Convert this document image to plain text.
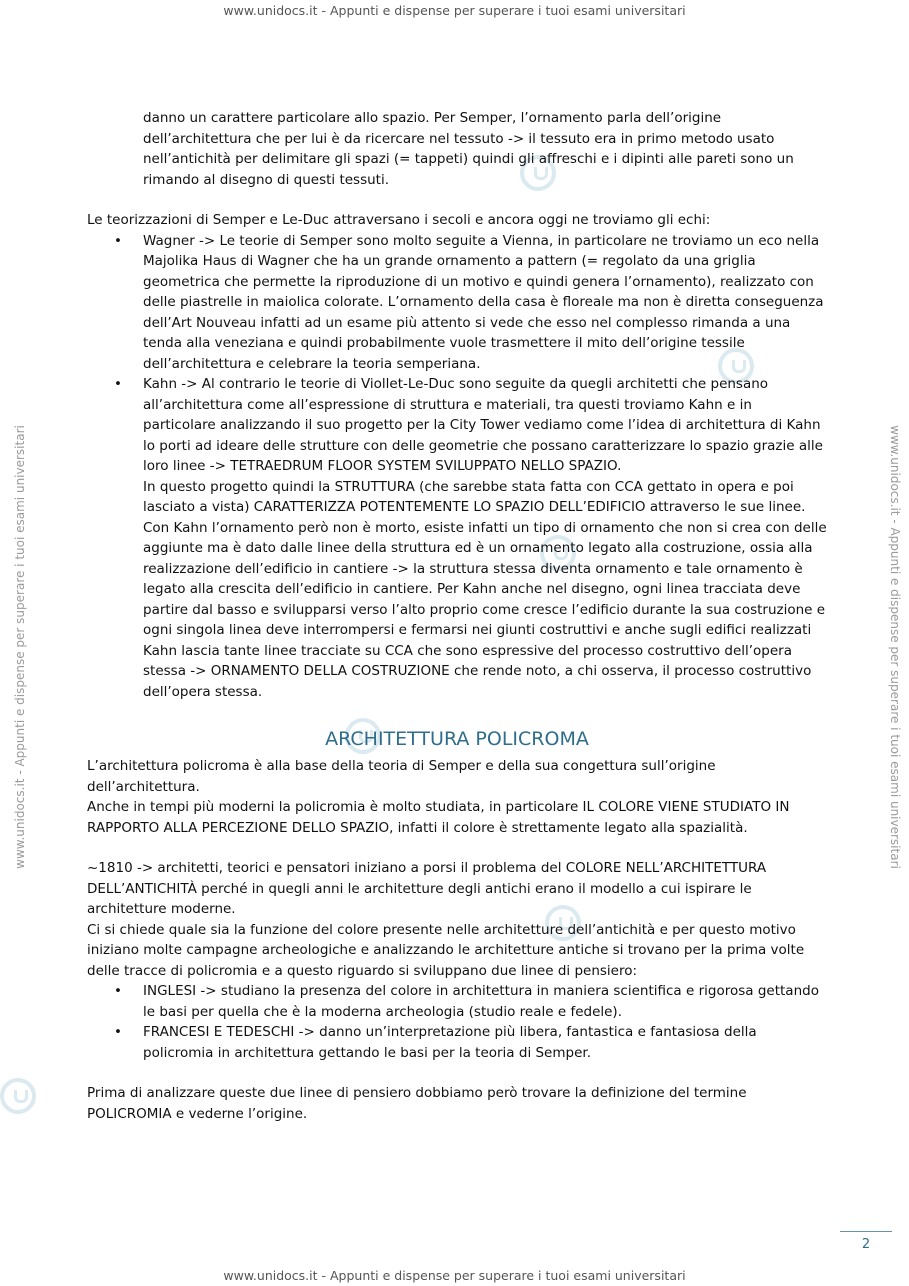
www.unidocs.it - Appunti e dispense per superare i tuoi esami universitari
www.unidocs.it - Appunti e dispense per superare i tuoi esami universitari	www.unidocs.it - Appunti e dispense per superare i tuoi esami universitari

danno un carattere particolare allo spazio. Per Semper, l’ornamento parla dell’origine dell’architettura che per lui è da ricercare nel tessuto -> il tessuto era in primo metodo usato nell’antichità per delimitare gli spazi (= tappeti) quindi gli affreschi e i dipinti alle pareti sono un rimando al disegno di questi tessuti.

Le teorizzazioni di Semper e Le-Duc attraversano i secoli e ancora oggi ne troviamo gli echi:

• Wagner -> Le teorie di Semper sono molto seguite a Vienna, in particolare ne troviamo un eco nella Majolika Haus di Wagner che ha un grande ornamento a pattern (= regolato da una griglia geometrica che permette la riproduzione di un motivo e quindi genera l’ornamento), realizzato con delle piastrelle in maiolica colorate. L’ornamento della casa è floreale ma non è diretta conseguenza dell’Art Nouveau infatti ad un esame più attento si vede che esso nel complesso rimanda a una tenda alla veneziana e quindi probabilmente vuole trasmettere il mito dell’origine tessile dell’architettura e celebrare la teoria semperiana.
• Kahn -> Al contrario le teorie di Viollet-Le-Duc sono seguite da quegli architetti che pensano all’architettura come all’espressione di struttura e materiali, tra questi troviamo Kahn e in particolare analizzando il suo progetto per la City Tower vediamo come l’idea di architettura di Kahn lo porti ad ideare delle strutture con delle geometrie che possano caratterizzare lo spazio grazie alle loro linee -> TETRAEDRUM FLOOR SYSTEM SVILUPPATO NELLO SPAZIO.

In questo progetto quindi la STRUTTURA (che sarebbe stata fatta con CCA gettato in opera e poi lasciato a vista) CARATTERIZZA POTENTEMENTE LO SPAZIO DELL’EDIFICIO attraverso le sue linee. Con Kahn l’ornamento però non è morto, esiste infatti un tipo di ornamento che non si crea con delle aggiunte ma è dato dalle linee della struttura ed è un ornamento legato alla costruzione, ossia alla realizzazione dell’edificio in cantiere -> la struttura stessa diventa ornamento e tale ornamento è legato alla crescita dell’edificio in cantiere. Per Kahn anche nel disegno, ogni linea tracciata deve partire dal basso e svilupparsi verso l’alto proprio come cresce l’edificio durante la sua costruzione e ogni singola linea deve interrompersi e fermarsi nei giunti costruttivi e anche sugli edifici realizzati Kahn lascia tante linee tracciate su CCA che sono espressive del processo costruttivo dell’opera stessa -> ORNAMENTO DELLA COSTRUZIONE che rende noto, a chi osserva, il processo costruttivo dell’opera stessa.

ARCHITETTURA POLICROMA

L’architettura policroma è alla base della teoria di Semper e della sua congettura sull’origine dell’architettura.

Anche in tempi più moderni la policromia è molto studiata, in particolare IL COLORE VIENE STUDIATO IN RAPPORTO ALLA PERCEZIONE DELLO SPAZIO, infatti il colore è strettamente legato alla spazialità.

~1810 -> architetti, teorici e pensatori iniziano a porsi il problema del COLORE NELL’ARCHITETTURA DELL’ANTICHITÀ perché in quegli anni le architetture degli antichi erano il modello a cui ispirare le architetture moderne.

Ci si chiede quale sia la funzione del colore presente nelle architetture dell’antichità e per questo motivo iniziano molte campagne archeologiche e analizzando le architetture antiche si trovano per la prima volte delle tracce di policromia e a questo riguardo si sviluppano due linee di pensiero:

• INGLESI -> studiano la presenza del colore in architettura in maniera scientifica e rigorosa gettando le basi per quella che è la moderna archeologia (studio reale e fedele).
• FRANCESI E TEDESCHI -> danno un’interpretazione più libera, fantastica e fantasiosa della policromia in architettura gettando le basi per la teoria di Semper.

Prima di analizzare queste due linee di pensiero dobbiamo però trovare la definizione del termine POLICROMIA e vederne l’origine.

2
www.unidocs.it - Appunti e dispense per superare i tuoi esami universitari
